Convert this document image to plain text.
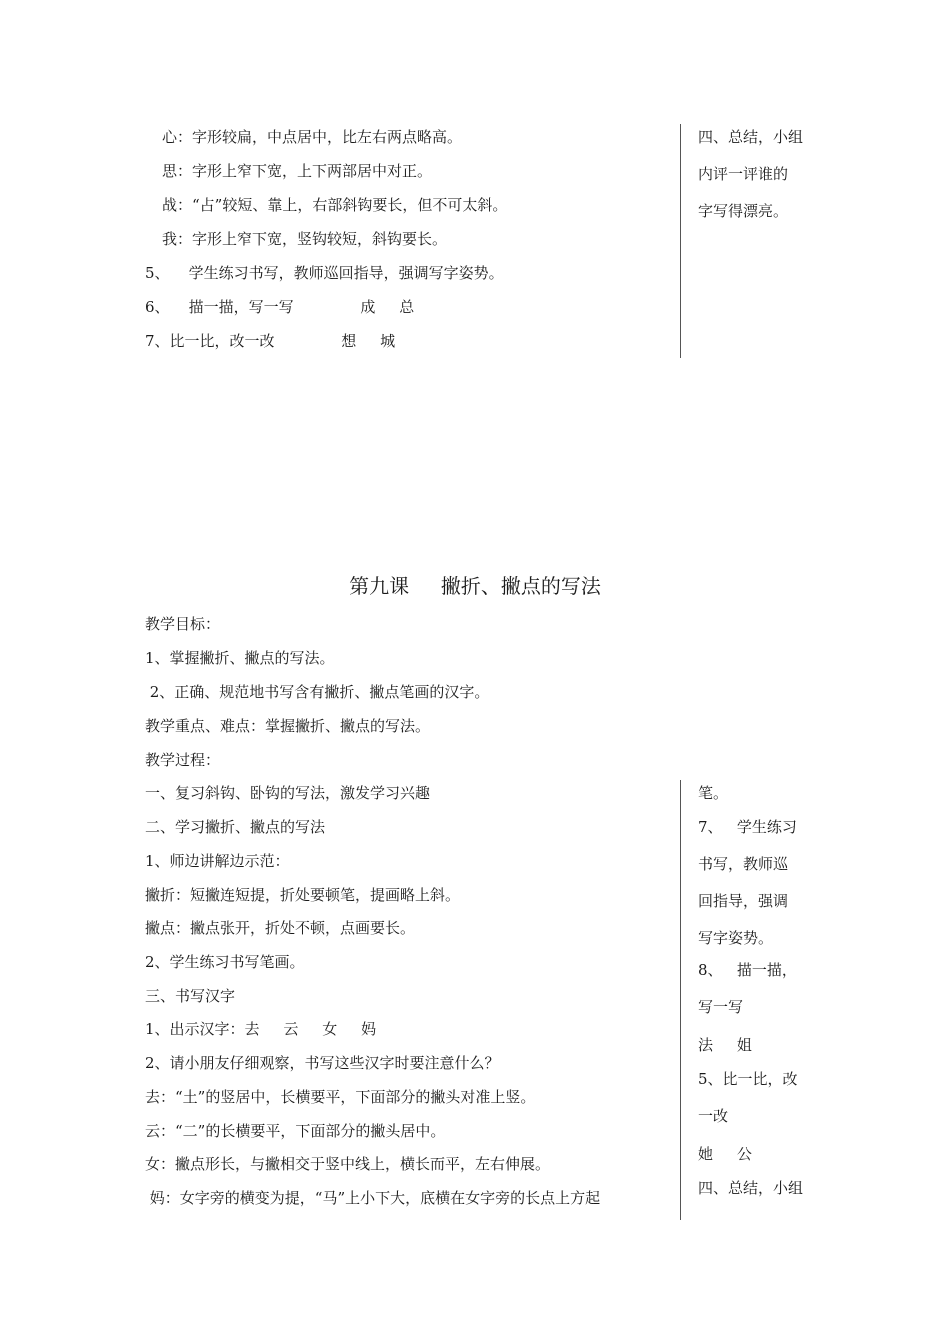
心：字形较扁，中点居中，比左右两点略高。
思：字形上窄下宽，上下两部居中对正。
战：“占”较短、靠上，右部斜钩要长，但不可太斜。
我：字形上窄下宽，竖钩较短，斜钩要长。
5、    学生练习书写，教师巡回指导，强调写字姿势。
6、    描一描，写一写              成     总
7、比一比，改一改              想     城
四、总结，小组
内评一评谁的
字写得漂亮。
第九课     撇折、撇点的写法
教学目标：
1、掌握撇折、撇点的写法。
2、正确、规范地书写含有撇折、撇点笔画的汉字。
教学重点、难点：掌握撇折、撇点的写法。
教学过程：
一、复习斜钩、卧钩的写法，激发学习兴趣
二、学习撇折、撇点的写法
1、师边讲解边示范：
撇折：短撇连短提，折处要顿笔，提画略上斜。
撇点：撇点张开，折处不顿，点画要长。
2、学生练习书写笔画。
三、书写汉字
1、出示汉字：去     云     女     妈
2、请小朋友仔细观察，书写这些汉字时要注意什么？
去：“土”的竖居中，长横要平，下面部分的撇头对准上竖。
云：“二”的长横要平，下面部分的撇头居中。
女：撇点形长，与撇相交于竖中线上，横长而平，左右伸展。
妈：女字旁的横变为提，“马”上小下大，底横在女字旁的长点上方起
笔。
7、   学生练习
书写，教师巡
回指导，强调
写字姿势。
8、   描一描，
写一写
法     姐
5、比一比，改
一改
她     公
四、总结，小组
